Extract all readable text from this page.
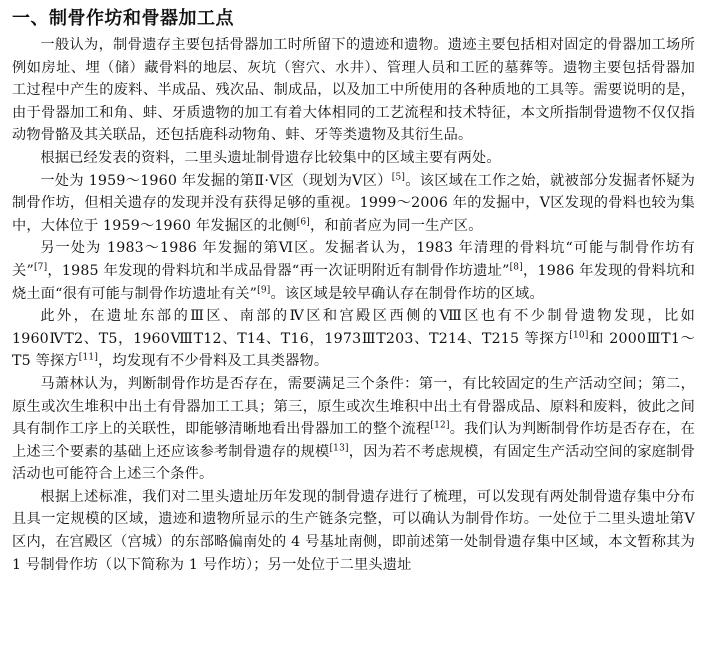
一、制骨作坊和骨器加工点

一般认为，制骨遗存主要包括骨器加工时所留下的遗迹和遗物。遗迹主要包括相对固定的骨器加工场所例如房址、埋（储）藏骨料的地层、灰坑（窖穴、水井）、管理人员和工匠的墓葬等。遗物主要包括骨器加工过程中产生的废料、半成品、残次品、制成品，以及加工中所使用的各种质地的工具等。需要说明的是，由于骨器加工和角、蚌、牙质遗物的加工有着大体相同的工艺流程和技术特征，本文所指制骨遗物不仅仅指动物骨骼及其关联品，还包括鹿科动物角、蚌、牙等类遗物及其衍生品。

根据已经发表的资料，二里头遗址制骨遗存比较集中的区域主要有两处。

一处为 1959～1960 年发掘的第Ⅱ·Ⅴ区（现划为Ⅴ区）[5]。该区域在工作之始，就被部分发掘者怀疑为制骨作坊，但相关遗存的发现并没有获得足够的重视。1999～2006 年的发掘中，Ⅴ区发现的骨料也较为集中，大体位于 1959～1960 年发掘区的北侧[6]，和前者应为同一生产区。

另一处为 1983～1986 年发掘的第Ⅵ区。发掘者认为，1983 年清理的骨料坑“可能与制骨作坊有关”[7]，1985 年发现的骨料坑和半成品骨器“再一次证明附近有制骨作坊遗址”[8]，1986 年发现的骨料坑和烧土面“很有可能与制骨作坊遗址有关”[9]。该区域是较早确认存在制骨作坊的区域。

此外，在遗址东部的Ⅲ区、南部的Ⅳ区和宫殿区西侧的Ⅷ区也有不少制骨遗物发现，比如 1960ⅣT2、T5，1960ⅧT12、T14、T16，1973ⅢT203、T214、T215 等探方[10]和 2000ⅢT1～T5 等探方[11]，均发现有不少骨料及工具类器物。

马萧林认为，判断制骨作坊是否存在，需要满足三个条件：第一，有比较固定的生产活动空间；第二，原生或次生堆积中出土有骨器加工工具；第三，原生或次生堆积中出土有骨器成品、原料和废料，彼此之间具有制作工序上的关联性，即能够清晰地看出骨器加工的整个流程[12]。我们认为判断制骨作坊是否存在，在上述三个要素的基础上还应该参考制骨遗存的规模[13]，因为若不考虑规模，有固定生产活动空间的家庭制骨活动也可能符合上述三个条件。

根据上述标准，我们对二里头遗址历年发现的制骨遗存进行了梳理，可以发现有两处制骨遗存集中分布且具一定规模的区域，遗迹和遗物所显示的生产链条完整，可以确认为制骨作坊。一处位于二里头遗址第Ⅴ区内，在宫殿区（宫城）的东部略偏南处的 4 号基址南侧，即前述第一处制骨遗存集中区域，本文暂称其为 1 号制骨作坊（以下简称为 1 号作坊）；另一处位于二里头遗址
